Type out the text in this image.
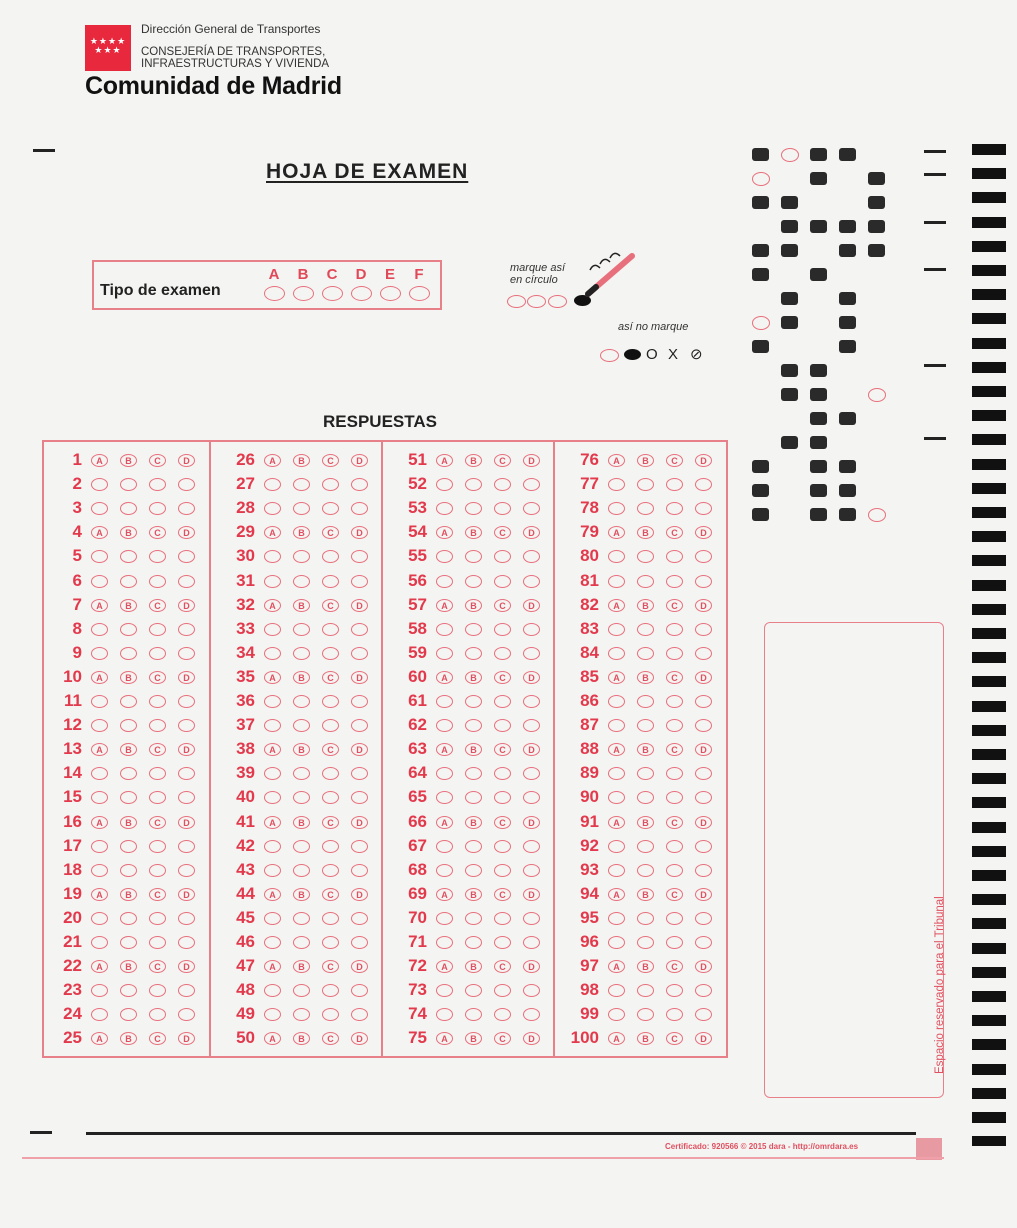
★★★★ ★★★
Dirección General de Transportes
CONSEJERÍA DE TRANSPORTES,
INFRAESTRUCTURAS Y VIVIENDA
Comunidad de Madrid
HOJA DE EXAMEN
Tipo de examen
A	B	C	D	E	F	marque así
en círculo
así no marque
O X ⊘
RESPUESTAS
1	A	B	C	D
2
3
4	A	B	C	D
5
6
7	A	B	C	D
8
9
10	A	B	C	D
11
12
13	A	B	C	D
14
15
16	A	B	C	D
17
18
19	A	B	C	D
20
21
22	A	B	C	D
23
24
25	A	B	C	D
26	A	B	C	D
27
28
29	A	B	C	D
30
31
32	A	B	C	D
33
34
35	A	B	C	D
36
37
38	A	B	C	D
39
40
41	A	B	C	D
42
43
44	A	B	C	D
45
46
47	A	B	C	D
48
49
50	A	B	C	D
51	A	B	C	D
52
53
54	A	B	C	D
55
56
57	A	B	C	D
58
59
60	A	B	C	D
61
62
63	A	B	C	D
64
65
66	A	B	C	D
67
68
69	A	B	C	D
70
71
72	A	B	C	D
73
74
75	A	B	C	D
76	A	B	C	D
77
78
79	A	B	C	D
80
81
82	A	B	C	D
83
84
85	A	B	C	D
86
87
88	A	B	C	D
89
90
91	A	B	C	D
92
93
94	A	B	C	D
95
96
97	A	B	C	D
98
99
100	A	B	C	D	Espacio reservado para el Tribunal
Certificado: 920566 © 2015 dara - http://omrdara.es
